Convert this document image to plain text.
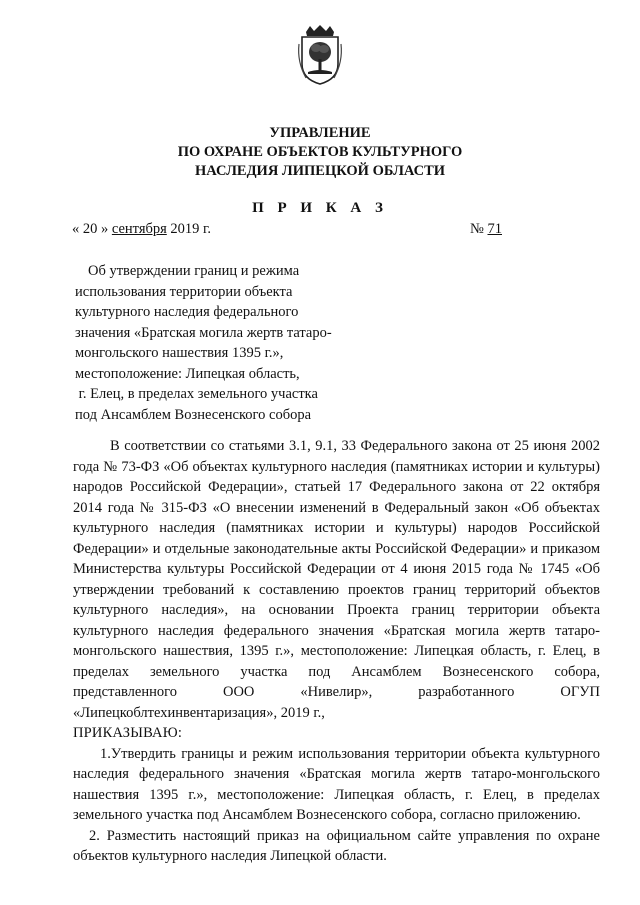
УПРАВЛЕНИЕ
ПО ОХРАНЕ ОБЪЕКТОВ КУЛЬТУРНОГО
НАСЛЕДИЯ ЛИПЕЦКОЙ ОБЛАСТИ
П Р И К А З
« 20 » сентября 2019 г.	№ 71
Об утверждении границ и режима
использования территории объекта
культурного наследия федерального
значения «Братская могила жертв татаро-
монгольского нашествия 1395 г.»,
местоположение: Липецкая область,
г. Елец, в пределах земельного участка
под Ансамблем Вознесенского собора

В соответствии со статьями 3.1, 9.1, 33 Федерального закона от 25 июня 2002 года № 73-ФЗ «Об объектах культурного наследия (памятниках истории и культуры) народов Российской Федерации», статьей 17 Федерального закона от 22 октября 2014 года № 315-ФЗ «О внесении изменений в Федеральный закон «Об объектах культурного наследия (памятниках истории и культуры) народов Российской Федерации» и отдельные законодательные акты Российской Федерации» и приказом Министерства культуры Российской Федерации от 4 июня 2015 года № 1745 «Об утверждении требований к составлению проектов границ территорий объектов культурного наследия», на основании Проекта границ территории объекта культурного наследия федерального значения «Братская могила жертв татаро-монгольского нашествия, 1395 г.», местоположение: Липецкая область, г. Елец, в пределах земельного участка под Ансамблем Вознесенского собора, представленного ООО «Нивелир», разработанного ОГУП «Липецкоблтехинвентаризация», 2019 г.,

ПРИКАЗЫВАЮ:

1.Утвердить границы и режим использования территории объекта культурного наследия федерального значения «Братская могила жертв татаро-монгольского нашествия 1395 г.», местоположение: Липецкая область, г. Елец, в пределах земельного участка под Ансамблем Вознесенского собора, согласно приложению.

2. Разместить настоящий приказ на официальном сайте управления по охране объектов культурного наследия Липецкой области.
